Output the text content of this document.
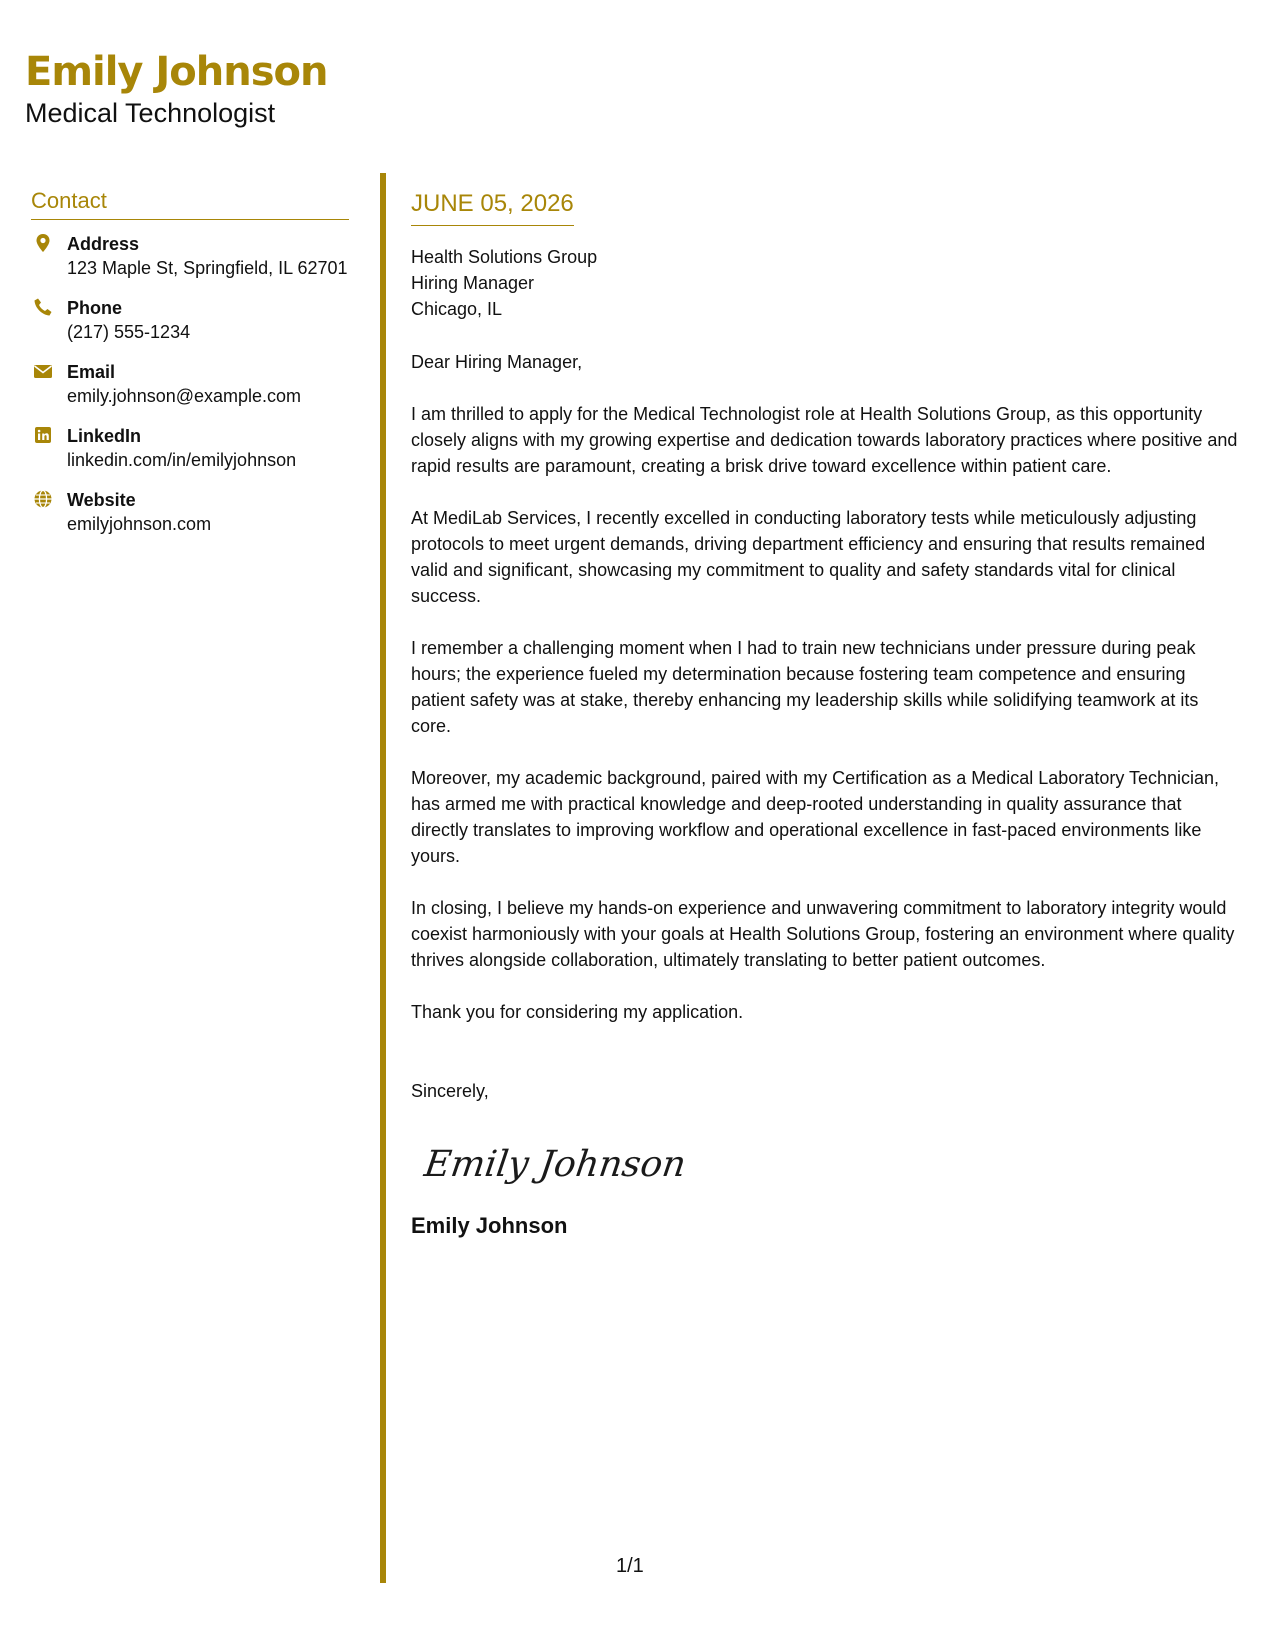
Emily Johnson
Medical Technologist
Contact
Address
123 Maple St, Springfield, IL 62701
Phone
(217) 555-1234
Email
emily.johnson@example.com
LinkedIn
linkedin.com/in/emilyjohnson
Website
emilyjohnson.com
JUNE 05, 2026
Health Solutions Group
Hiring Manager
Chicago, IL
Dear Hiring Manager,
I am thrilled to apply for the Medical Technologist role at Health Solutions Group, as this opportunity closely aligns with my growing expertise and dedication towards laboratory practices where positive and rapid results are paramount, creating a brisk drive toward excellence within patient care.
At MediLab Services, I recently excelled in conducting laboratory tests while meticulously adjusting protocols to meet urgent demands, driving department efficiency and ensuring that results remained valid and significant, showcasing my commitment to quality and safety standards vital for clinical success.
I remember a challenging moment when I had to train new technicians under pressure during peak hours; the experience fueled my determination because fostering team competence and ensuring patient safety was at stake, thereby enhancing my leadership skills while solidifying teamwork at its core.
Moreover, my academic background, paired with my Certification as a Medical Laboratory Technician, has armed me with practical knowledge and deep-rooted understanding in quality assurance that directly translates to improving workflow and operational excellence in fast-paced environments like yours.
In closing, I believe my hands-on experience and unwavering commitment to laboratory integrity would coexist harmoniously with your goals at Health Solutions Group, fostering an environment where quality thrives alongside collaboration, ultimately translating to better patient outcomes.
Thank you for considering my application.
Sincerely,
Emily Johnson
Emily Johnson
1/1
